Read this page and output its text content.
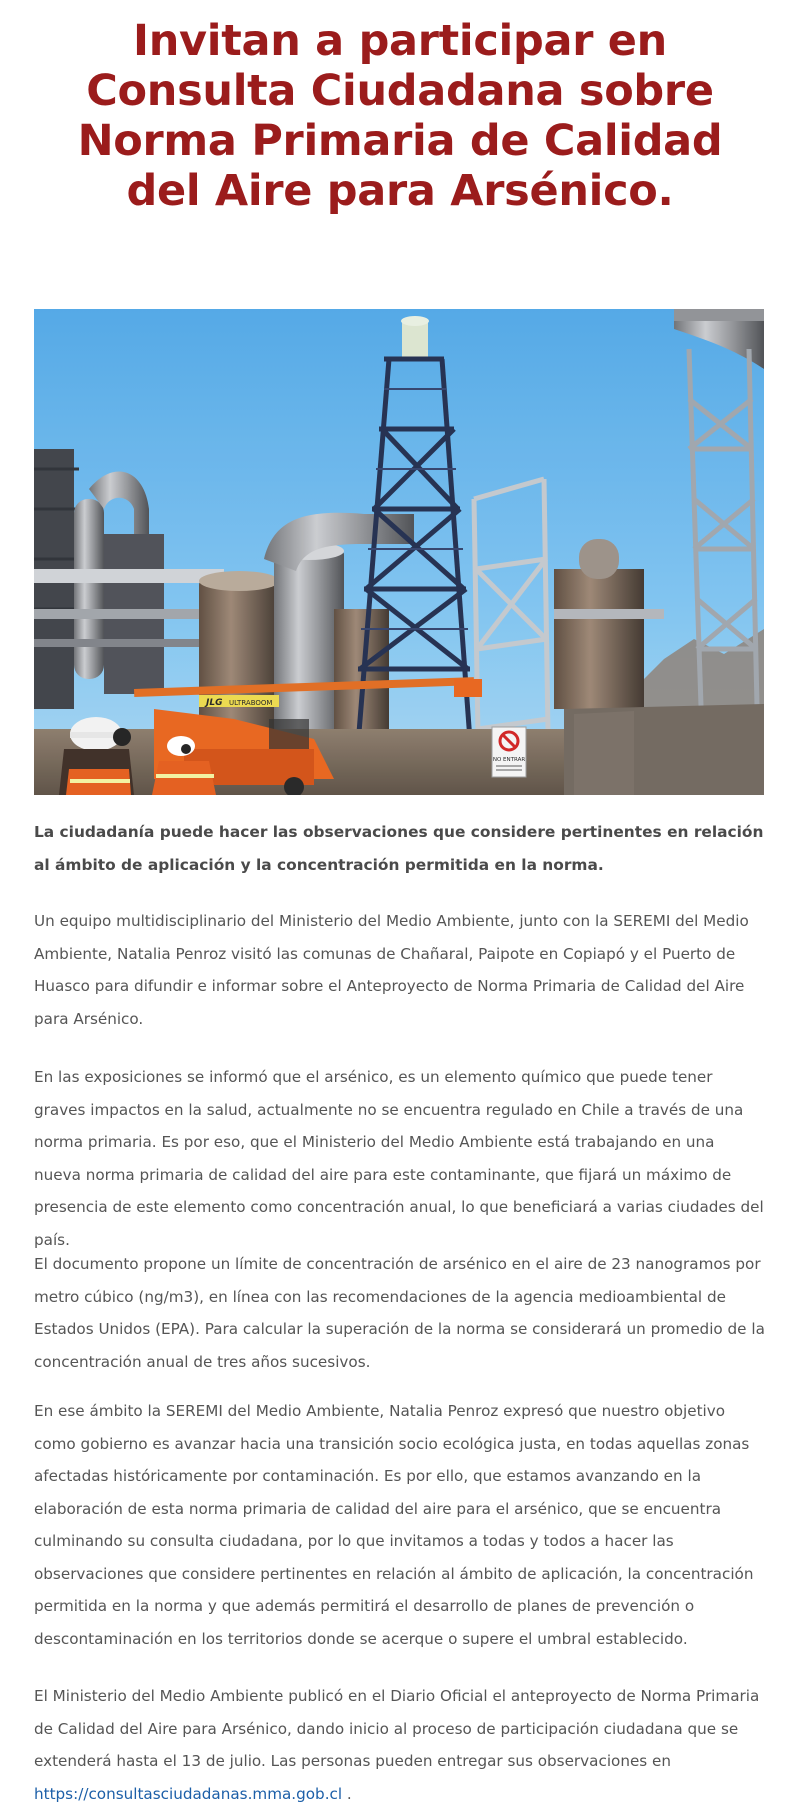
Invitan a participar en Consulta Ciudadana sobre Norma Primaria de Calidad del Aire para Arsénico.
NO ENTRAR
JLG ULTRABOOM

La ciudadanía puede hacer las observaciones que considere pertinentes en relación al ámbito de aplicación y la concentración permitida en la norma.

Un equipo multidisciplinario del Ministerio del Medio Ambiente, junto con la SEREMI del Medio Ambiente, Natalia Penroz visitó las comunas de Chañaral, Paipote en Copiapó y el Puerto de Huasco para difundir e informar sobre el Anteproyecto de Norma Primaria de Calidad del Aire para Arsénico.

En las exposiciones se informó que el arsénico, es un elemento químico que puede tener graves impactos en la salud, actualmente no se encuentra regulado en Chile a través de una norma primaria. Es por eso, que el Ministerio del Medio Ambiente está trabajando en una nueva norma primaria de calidad del aire para este contaminante, que fijará un máximo de presencia de este elemento como concentración anual, lo que beneficiará a varias ciudades del país.

El documento propone un límite de concentración de arsénico en el aire de 23 nanogramos por metro cúbico (ng/m3), en línea con las recomendaciones de la agencia medioambiental de Estados Unidos (EPA). Para calcular la superación de la norma se considerará un promedio de la concentración anual de tres años sucesivos.

En ese ámbito la SEREMI del Medio Ambiente, Natalia Penroz expresó que nuestro objetivo como gobierno es avanzar hacia una transición socio ecológica justa, en todas aquellas zonas afectadas históricamente por contaminación. Es por ello, que estamos avanzando en la elaboración de esta norma primaria de calidad del aire para el arsénico, que se encuentra culminando su consulta ciudadana, por lo que invitamos a todas y todos a hacer las observaciones que considere pertinentes en relación al ámbito de aplicación, la concentración permitida en la norma y que además permitirá el desarrollo de planes de prevención o descontaminación en los territorios donde se acerque o supere el umbral establecido.

El Ministerio del Medio Ambiente publicó en el Diario Oficial el anteproyecto de Norma Primaria de Calidad del Aire para Arsénico, dando inicio al proceso de participación ciudadana que se extenderá hasta el 13 de julio. Las personas pueden entregar sus observaciones en https://consultasciudadanas.mma.gob.cl .
